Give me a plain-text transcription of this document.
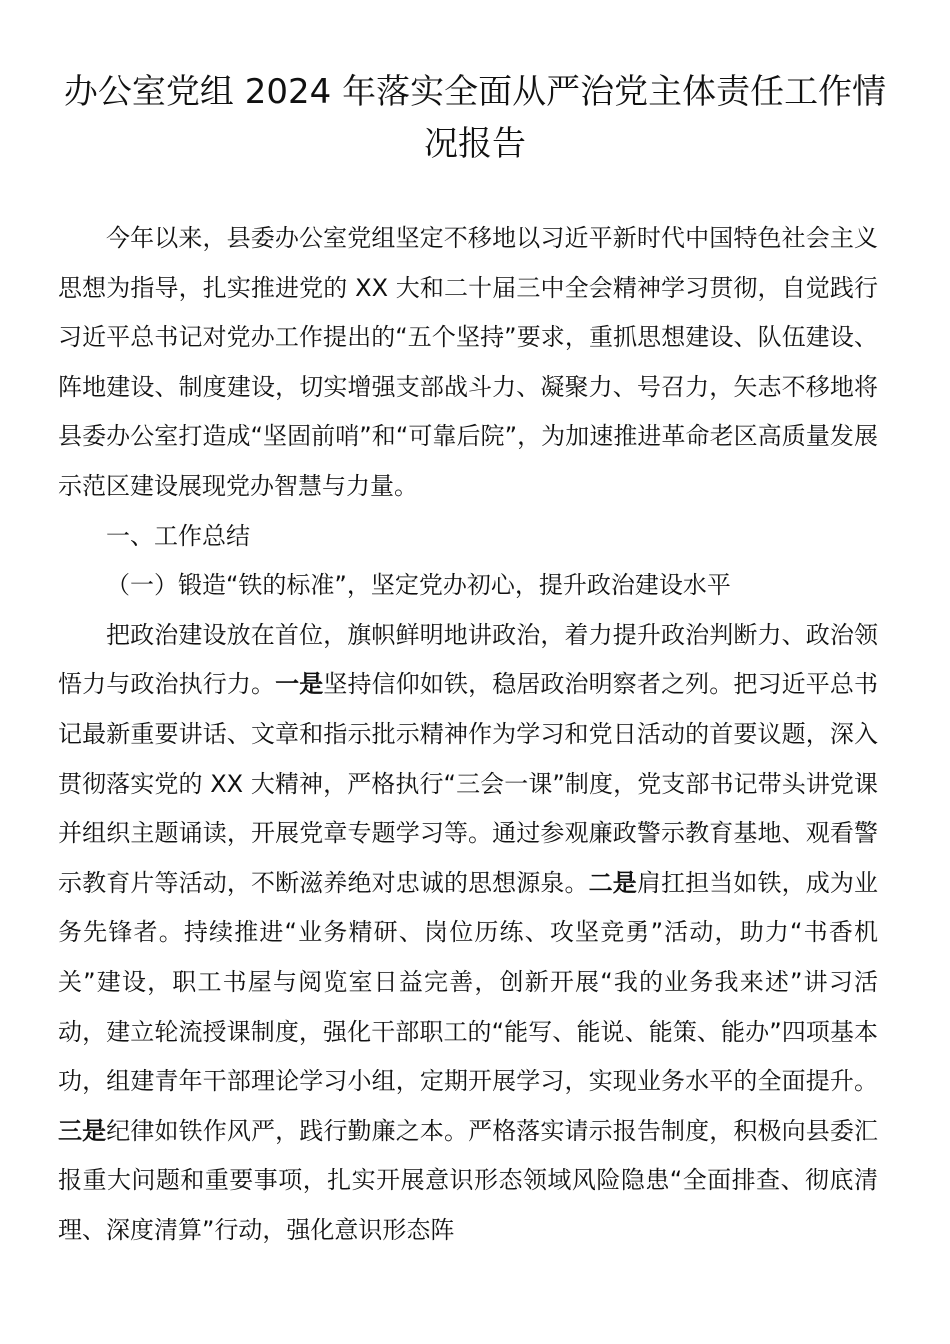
办公室党组 2024 年落实全面从严治党主体责任工作情况报告

今年以来，县委办公室党组坚定不移地以习近平新时代中国特色社会主义思想为指导，扎实推进党的 XX 大和二十届三中全会精神学习贯彻，自觉践行习近平总书记对党办工作提出的“五个坚持”要求，重抓思想建设、队伍建设、阵地建设、制度建设，切实增强支部战斗力、凝聚力、号召力，矢志不移地将县委办公室打造成“坚固前哨”和“可靠后院”，为加速推进革命老区高质量发展示范区建设展现党办智慧与力量。

一、工作总结

（一）锻造“铁的标准”，坚定党办初心，提升政治建设水平

把政治建设放在首位，旗帜鲜明地讲政治，着力提升政治判断力、政治领悟力与政治执行力。一是坚持信仰如铁，稳居政治明察者之列。把习近平总书记最新重要讲话、文章和指示批示精神作为学习和党日活动的首要议题，深入贯彻落实党的 XX 大精神，严格执行“三会一课”制度，党支部书记带头讲党课并组织主题诵读，开展党章专题学习等。通过参观廉政警示教育基地、观看警示教育片等活动，不断滋养绝对忠诚的思想源泉。二是肩扛担当如铁，成为业务先锋者。持续推进“业务精研、岗位历练、攻坚竞勇”活动，助力“书香机关”建设，职工书屋与阅览室日益完善，创新开展“我的业务我来述”讲习活动，建立轮流授课制度，强化干部职工的“能写、能说、能策、能办”四项基本功，组建青年干部理论学习小组，定期开展学习，实现业务水平的全面提升。三是纪律如铁作风严，践行勤廉之本。严格落实请示报告制度，积极向县委汇报重大问题和重要事项，扎实开展意识形态领域风险隐患“全面排查、彻底清理、深度清算”行动，强化意识形态阵
